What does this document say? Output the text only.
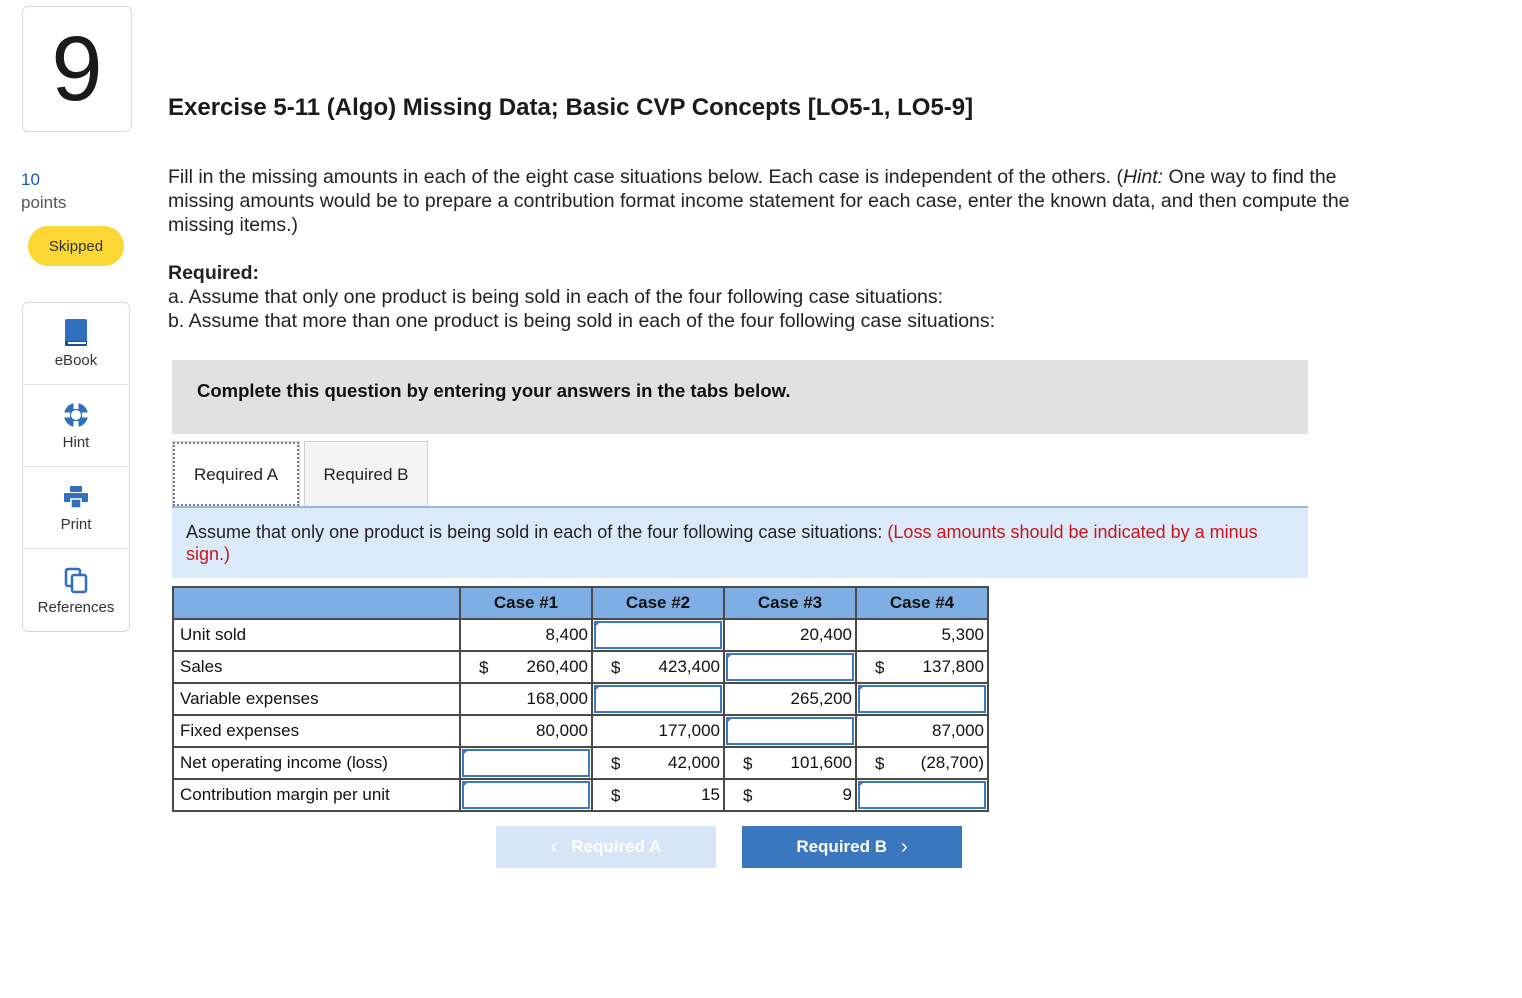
9
10
points
Skipped
eBook
Hint
Print
References
Exercise 5-11 (Algo) Missing Data; Basic CVP Concepts [LO5-1, LO5-9]

Fill in the missing amounts in each of the eight case situations below. Each case is independent of the others. (Hint: One way to find the missing amounts would be to prepare a contribution format income statement for each case, enter the known data, and then compute the missing items.)

Required:
a. Assume that only one product is being sold in each of the four following case situations:
b. Assume that more than one product is being sold in each of the four following case situations:
Complete this question by entering your answers in the tabs below.
Required A	Required B
Assume that only one product is being sold in each of the four following case situations: (Loss amounts should be indicated by a minus sign.)
	Case #1	Case #2	Case #3	Case #4
Unit sold	8,400		20,400	5,300
Sales	$ 260,400	$ 423,400		$ 137,800
Variable expenses	168,000		265,200	

Fixed expenses	80,000	177,000		87,000
Net operating income (loss)		$ 42,000	$ 101,600	$ (28,700)
Contribution margin per unit		$ 15	$ 9	
‹ Required A	Required B ›
